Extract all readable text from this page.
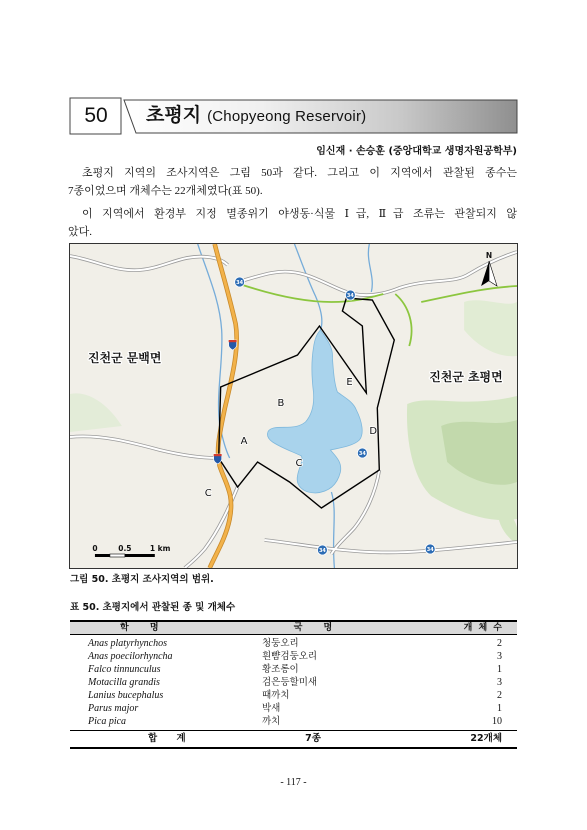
50	초평지 (Chopyeong Reservoir)
임신재 · 손승훈 (중앙대학교 생명자원공학부)
초평지 지역의 조사지역은 그림 50과 같다. 그리고 이 지역에서 관찰된 종수는
7종이었으며 개체수는 22개체였다(표 50).
이 지역에서 환경부 지정 멸종위기 야생동·식물 Ⅰ급, Ⅱ급 조류는 관찰되지 않
았다.
34
34
34
34	34
진천군 문백면
진천군 초평면
A
B
C
C
D
E
N
0	0.5 1 km
그림 50. 초평지 조사지역의 범위.
표 50. 초평지에서 관찰된 종 및 개체수
학 명	국 명	개 체 수
Anas platyrhynchos	청둥오리	2
Anas poecilorhyncha	흰뺨검둥오리	3
Falco tinnunculus	황조롱이	1
Motacilla grandis	검은등할미새	3
Lanius bucephalus	때까치	2
Parus major	박새	1
Pica pica	까치	10
합 계	7종	22개체
- 117 -
